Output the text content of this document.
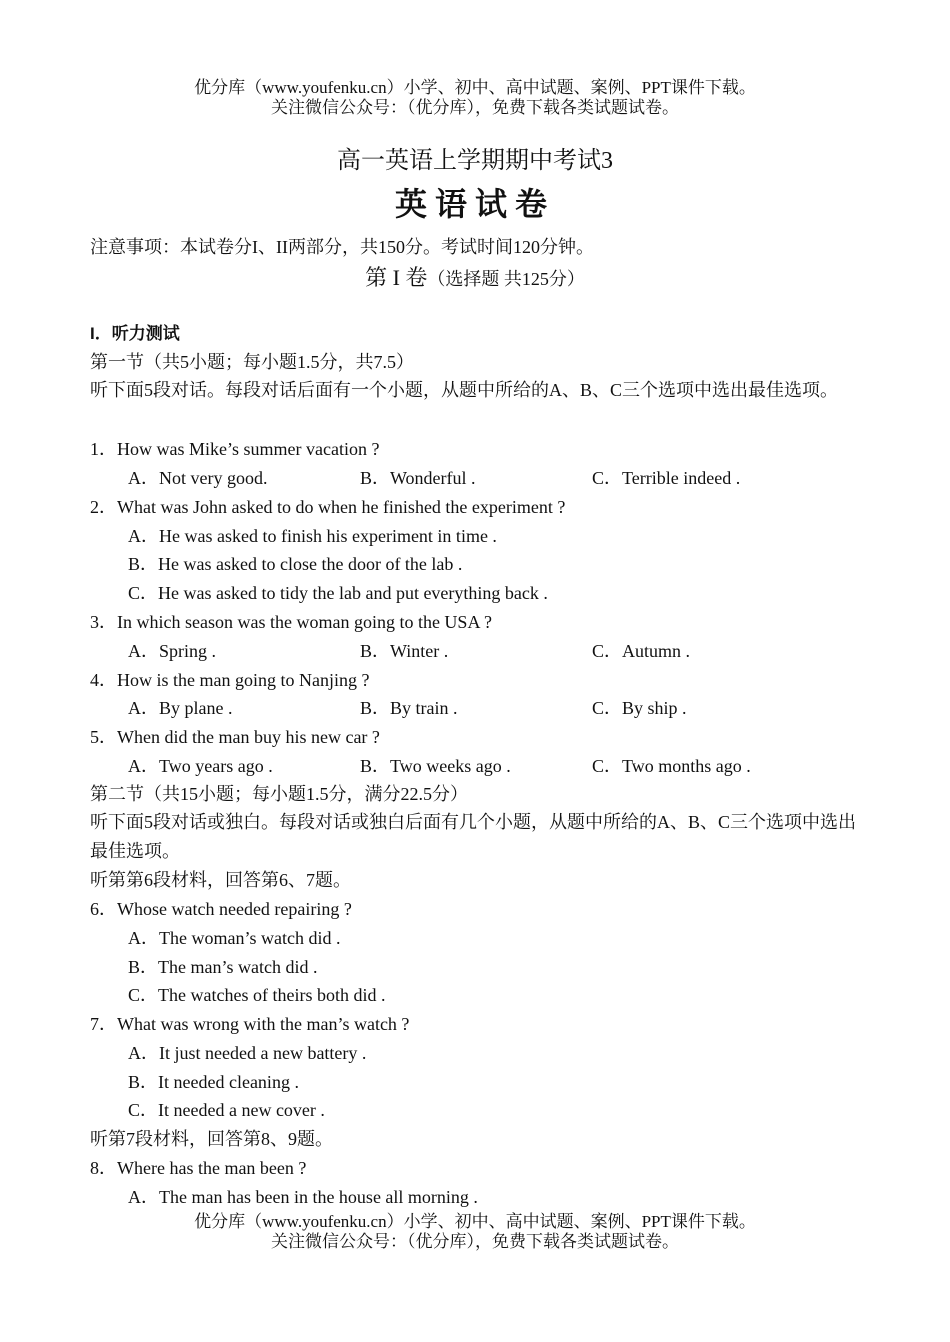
优分库（www.youfenku.cn）小学、初中、高中试题、案例、PPT课件下载。
关注微信公众号：（优分库），免费下载各类试题试卷。
高一英语上学期期中考试3
英语试卷
注意事项：本试卷分I、II两部分，共150分。考试时间120分钟。
第 I 卷（选择题 共125分）
I．听力测试
第一节（共5小题；每小题1.5分，共7.5）
听下面5段对话。每段对话后面有一个小题，从题中所给的A、B、C三个选项中选出最佳选项。
1．How was Mike’s summer vacation ?
A．Not very good.	B．Wonderful .	C．Terrible indeed .
2．What was John asked to do when he finished the experiment ?
A．He was asked to finish his experiment in time .
B．He was asked to close the door of the lab .
C．He was asked to tidy the lab and put everything back .
3．In which season was the woman going to the USA ?
A．Spring .	B．Winter .	C．Autumn .
4．How is the man going to Nanjing ?
A．By plane .	B．By train .	C．By ship .
5．When did the man buy his new car ?
A．Two years ago .	B．Two weeks ago .	C．Two months ago .
第二节（共15小题；每小题1.5分，满分22.5分）
听下面5段对话或独白。每段对话或独白后面有几个小题，从题中所给的A、B、C三个选项中选出最佳选项。
听第第6段材料，回答第6、7题。
6．Whose watch needed repairing ?
A．The woman’s watch did .
B．The man’s watch did .
C．The watches of theirs both did .
7．What was wrong with the man’s watch ?
A．It just needed a new battery .
B．It needed cleaning .
C．It needed a new cover .
听第7段材料，回答第8、9题。
8．Where has the man been ?
A．The man has been in the house all morning .
优分库（www.youfenku.cn）小学、初中、高中试题、案例、PPT课件下载。
关注微信公众号：（优分库），免费下载各类试题试卷。
